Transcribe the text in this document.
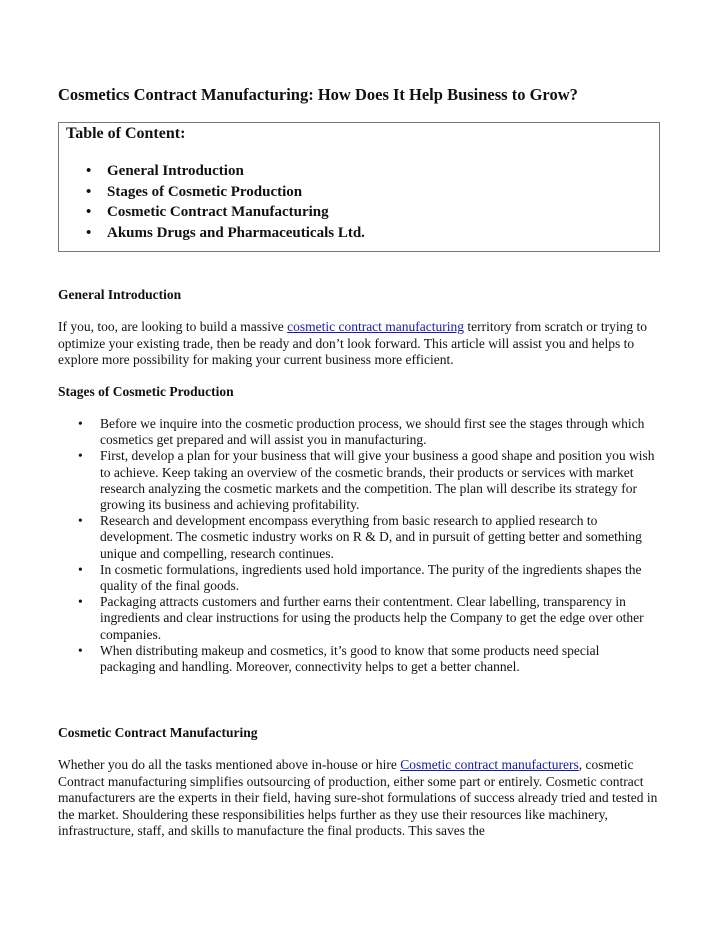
Cosmetics Contract Manufacturing: How Does It Help Business to Grow?
Table of Content:
• General Introduction
• Stages of Cosmetic Production
• Cosmetic Contract Manufacturing
• Akums Drugs and Pharmaceuticals Ltd.
General Introduction

If you, too, are looking to build a massive cosmetic contract manufacturing territory from scratch or trying to optimize your existing trade, then be ready and don’t look forward. This article will assist you and helps to explore more possibility for making your current business more efficient.

Stages of Cosmetic Production
• Before we inquire into the cosmetic production process, we should first see the stages through which cosmetics get prepared and will assist you in manufacturing.
• First, develop a plan for your business that will give your business a good shape and position you wish to achieve. Keep taking an overview of the cosmetic brands, their products or services with market research analyzing the cosmetic markets and the competition. The plan will describe its strategy for growing its business and achieving profitability.
• Research and development encompass everything from basic research to applied research to development. The cosmetic industry works on R & D, and in pursuit of getting better and something unique and compelling, research continues.
• In cosmetic formulations, ingredients used hold importance. The purity of the ingredients shapes the quality of the final goods.
• Packaging attracts customers and further earns their contentment. Clear labelling, transparency in ingredients and clear instructions for using the products help the Company to get the edge over other companies.
• When distributing makeup and cosmetics, it’s good to know that some products need special packaging and handling. Moreover, connectivity helps to get a better channel.
Cosmetic Contract Manufacturing

Whether you do all the tasks mentioned above in-house or hire Cosmetic contract manufacturers, cosmetic Contract manufacturing simplifies outsourcing of production, either some part or entirely. Cosmetic contract manufacturers are the experts in their field, having sure-shot formulations of success already tried and tested in the market. Shouldering these responsibilities helps further as they use their resources like machinery, infrastructure, staff, and skills to manufacture the final products. This saves the
